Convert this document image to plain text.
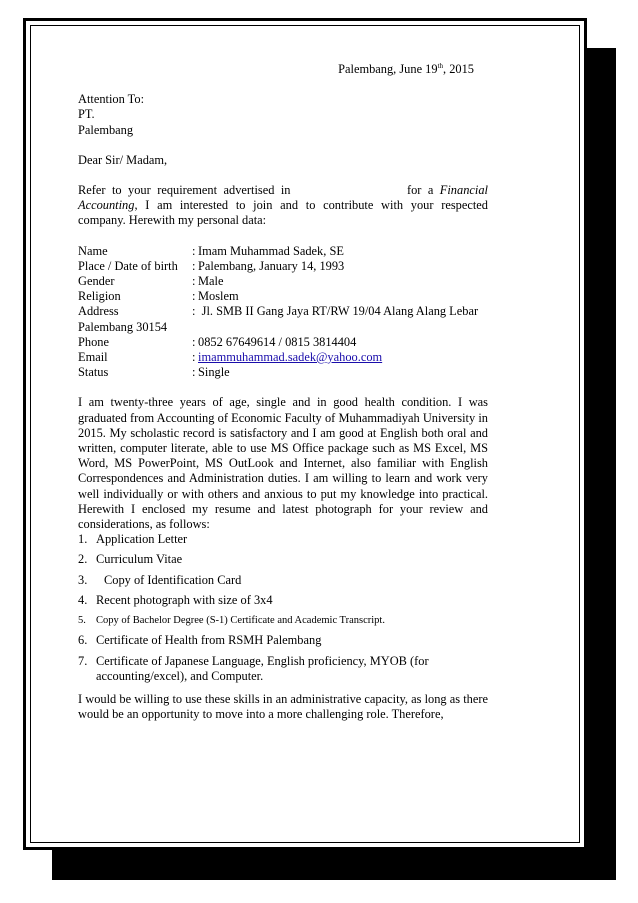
Palembang, June 19th, 2015

Attention To:

PT.

Palembang

Dear Sir/ Madam,

Refer to your requirement advertised in	for a Financial Accounting, I am interested to join and to contribute with your respected company. Herewith my personal data:

Name	:	Imam Muhammad Sadek, SE
Place / Date of birth	:	Palembang, January 14, 1993
Gender	:	Male
Religion	:	Moslem
Address : Jl. SMB II Gang Jaya RT/RW 19/04 Alang Alang Lebar		
Palembang 30154		
Phone	:	0852 67649614 / 0815 3814404
Email	:	imammuhammad.sadek@yahoo.com
Status	:	Single

I am twenty-three years of age, single and in good health condition. I was graduated from Accounting of Economic Faculty of Muhammadiyah University in 2015. My scholastic record is satisfactory and I am good at English both oral and written, computer literate, able to use MS Office package such as MS Excel, MS Word, MS PowerPoint, MS OutLook and Internet, also familiar with English Correspondences and Administration duties. I am willing to learn and work very well individually or with others and anxious to put my knowledge into practical. Herewith I enclosed my resume and latest photograph for your review and considerations, as follows:

1. Application Letter
2. Curriculum Vitae
3.	Copy of Identification Card
4. Recent photograph with size of 3x4
5. Copy of Bachelor Degree (S-1) Certificate and Academic Transcript.
6. Certificate of Health from RSMH Palembang
7. Certificate of Japanese Language, English proficiency, MYOB (for accounting/excel), and Computer.

I would be willing to use these skills in an administrative capacity, as long as there would be an opportunity to move into a more challenging role. Therefore,
